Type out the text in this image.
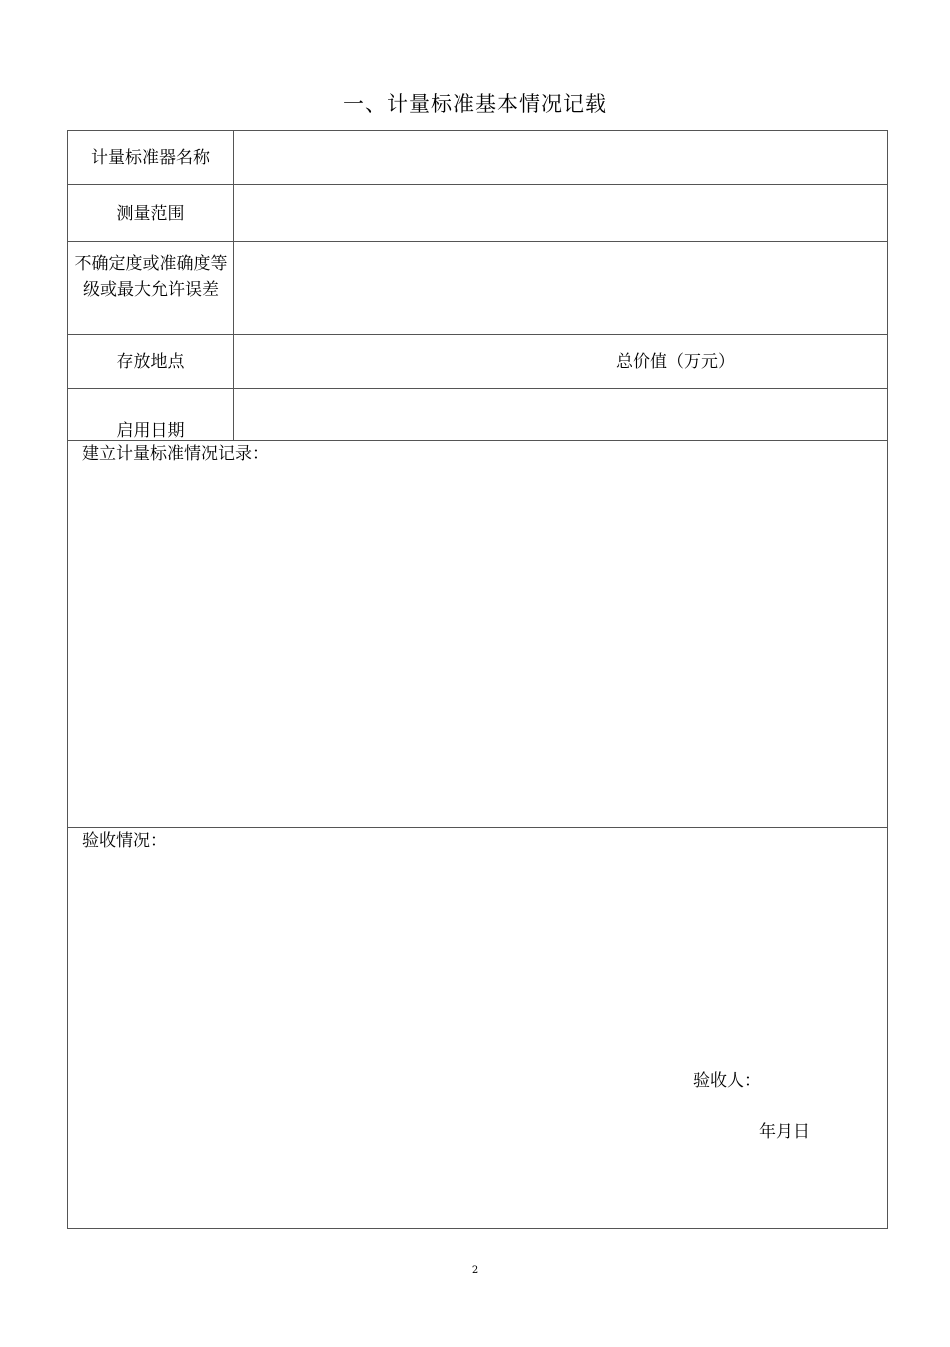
一、计量标准基本情况记载
计量标准器名称
测量范围
不确定度或准确度等级或最大允许误差
存放地点	总价值（万元）
启用日期
建立计量标准情况记录：
验收情况：
验收人：
年月日
2
